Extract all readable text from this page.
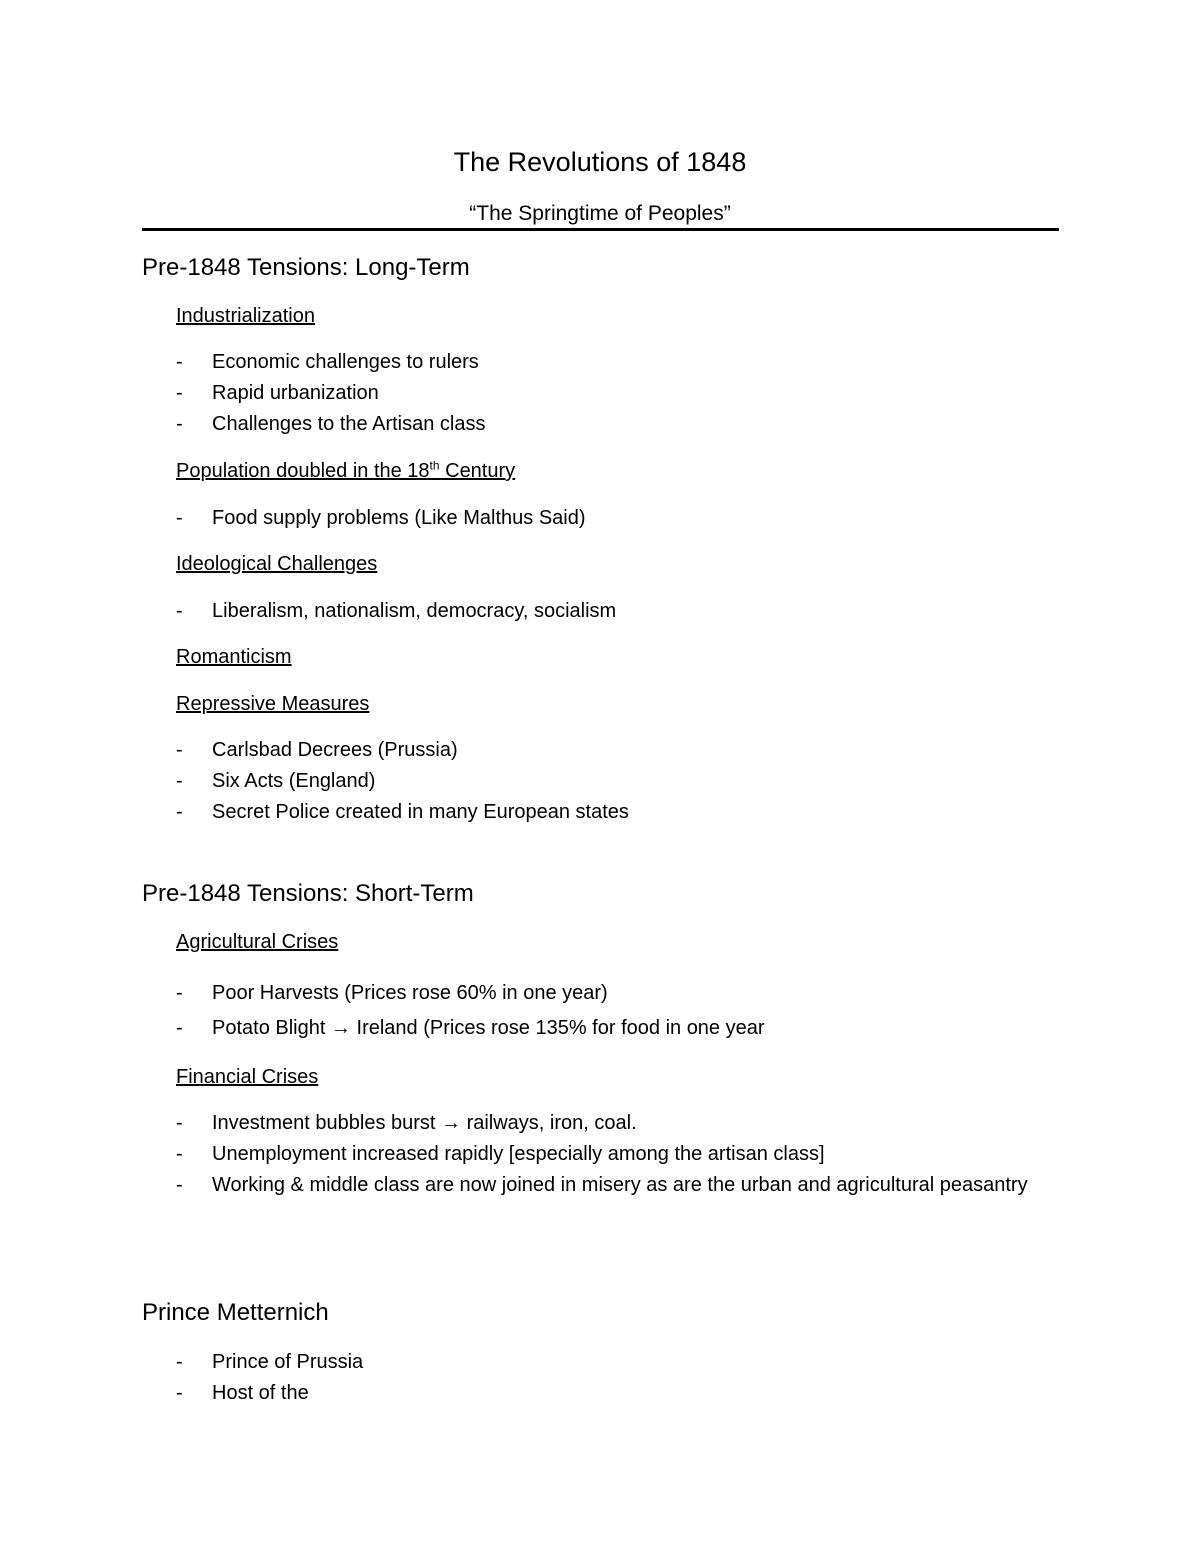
The Revolutions of 1848
“The Springtime of Peoples”
Pre-1848 Tensions: Long-Term
Industrialization
-	Economic challenges to rulers
-	Rapid urbanization
-	Challenges to the Artisan class
Population doubled in the 18th Century
-	Food supply problems (Like Malthus Said)
Ideological Challenges
-	Liberalism, nationalism, democracy, socialism
Romanticism
Repressive Measures
-	Carlsbad Decrees (Prussia)
-	Six Acts (England)
-	Secret Police created in many European states
Pre-1848 Tensions: Short-Term
Agricultural Crises
-	Poor Harvests (Prices rose 60% in one year)
-	Potato Blight → Ireland (Prices rose 135% for food in one year
Financial Crises
-	Investment bubbles burst → railways, iron, coal.
-	Unemployment increased rapidly [especially among the artisan class]
-	Working & middle class are now joined in misery as are the urban and agricultural peasantry
Prince Metternich
-	Prince of Prussia
-	Host of the
